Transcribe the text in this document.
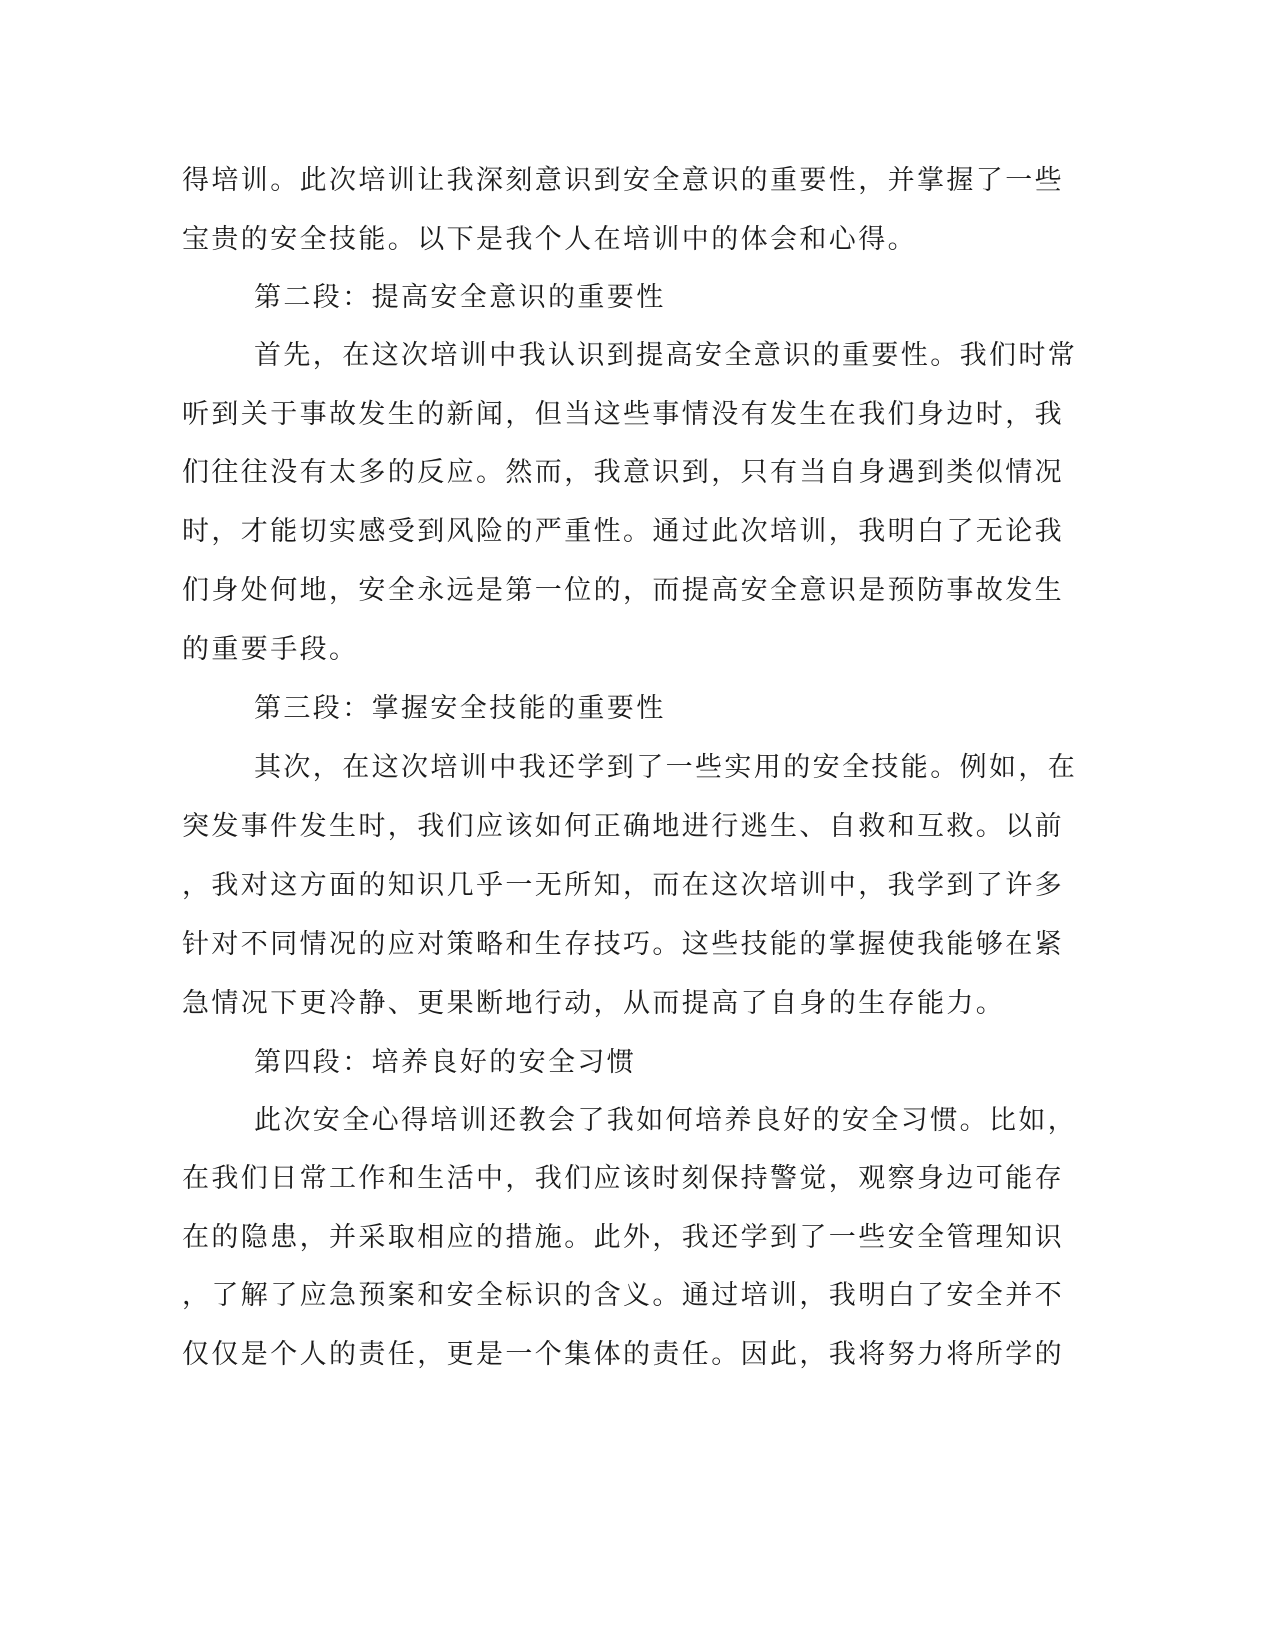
得培训。此次培训让我深刻意识到安全意识的重要性，并掌握了一些
宝贵的安全技能。以下是我个人在培训中的体会和心得。
第二段：提高安全意识的重要性
首先，在这次培训中我认识到提高安全意识的重要性。我们时常
听到关于事故发生的新闻，但当这些事情没有发生在我们身边时，我
们往往没有太多的反应。然而，我意识到，只有当自身遇到类似情况
时，才能切实感受到风险的严重性。通过此次培训，我明白了无论我
们身处何地，安全永远是第一位的，而提高安全意识是预防事故发生
的重要手段。
第三段：掌握安全技能的重要性
其次，在这次培训中我还学到了一些实用的安全技能。例如，在
突发事件发生时，我们应该如何正确地进行逃生、自救和互救。以前
，我对这方面的知识几乎一无所知，而在这次培训中，我学到了许多
针对不同情况的应对策略和生存技巧。这些技能的掌握使我能够在紧
急情况下更冷静、更果断地行动，从而提高了自身的生存能力。
第四段：培养良好的安全习惯
此次安全心得培训还教会了我如何培养良好的安全习惯。比如，
在我们日常工作和生活中，我们应该时刻保持警觉，观察身边可能存
在的隐患，并采取相应的措施。此外，我还学到了一些安全管理知识
，了解了应急预案和安全标识的含义。通过培训，我明白了安全并不
仅仅是个人的责任，更是一个集体的责任。因此，我将努力将所学的
